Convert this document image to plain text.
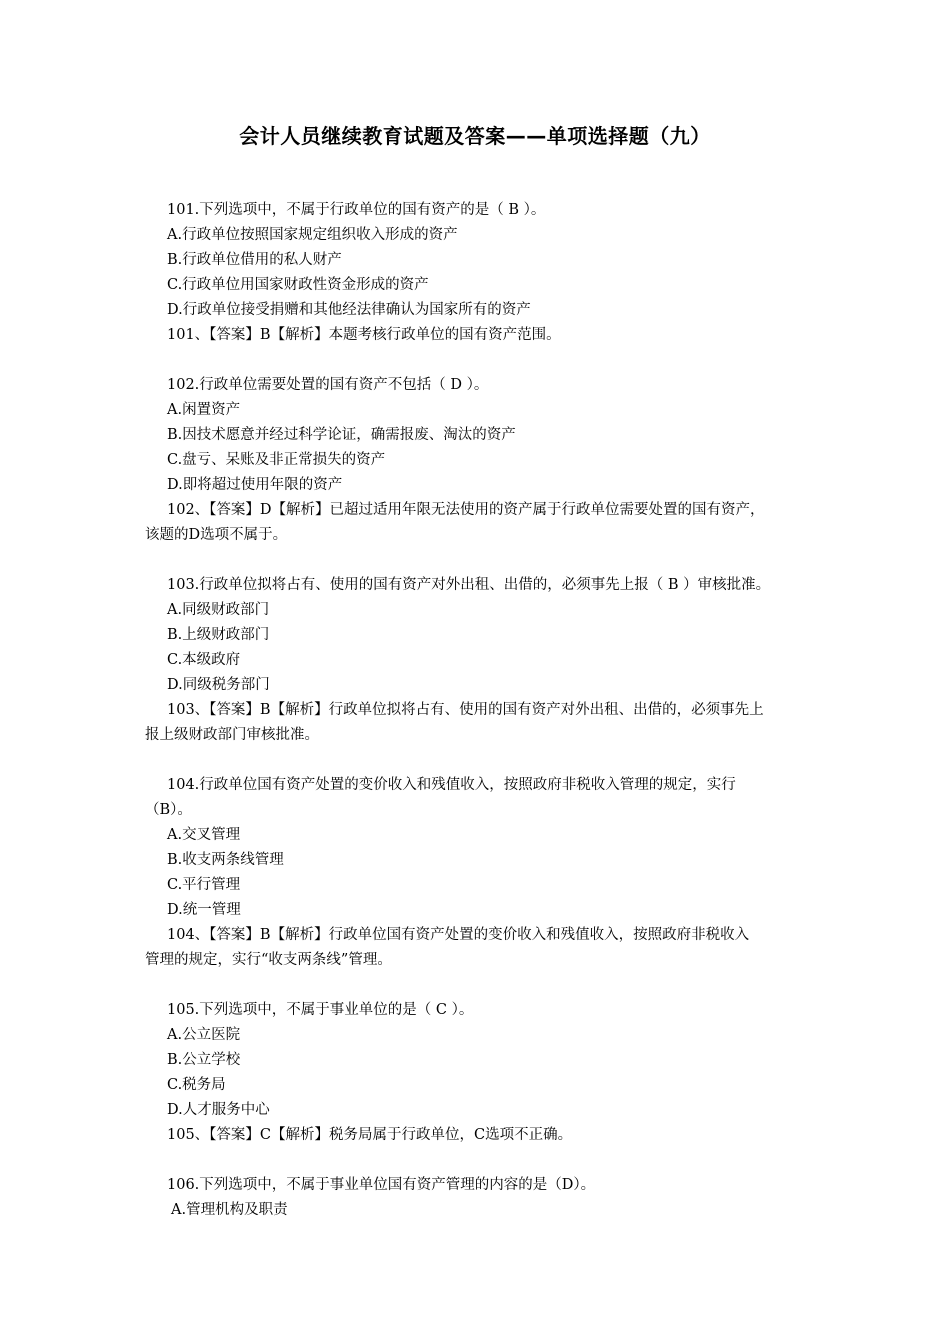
会计人员继续教育试题及答案——单项选择题（九）
101.下列选项中，不属于行政单位的国有资产的是（ B ）。
A.行政单位按照国家规定组织收入形成的资产
B.行政单位借用的私人财产
C.行政单位用国家财政性资金形成的资产
D.行政单位接受捐赠和其他经法律确认为国家所有的资产
101、【答案】B【解析】本题考核行政单位的国有资产范围。
102.行政单位需要处置的国有资产不包括（ D ）。
A.闲置资产
B.因技术愿意并经过科学论证，确需报废、淘汰的资产
C.盘亏、呆账及非正常损失的资产
D.即将超过使用年限的资产
102、【答案】D【解析】已超过适用年限无法使用的资产属于行政单位需要处置的国有资产，
该题的D选项不属于。
103.行政单位拟将占有、使用的国有资产对外出租、出借的，必须事先上报（ B ）审核批准。
A.同级财政部门
B.上级财政部门
C.本级政府
D.同级税务部门
103、【答案】B【解析】行政单位拟将占有、使用的国有资产对外出租、出借的，必须事先上
报上级财政部门审核批准。
104.行政单位国有资产处置的变价收入和残值收入，按照政府非税收入管理的规定，实行
（B）。
A.交叉管理
B.收支两条线管理
C.平行管理
D.统一管理
104、【答案】B【解析】行政单位国有资产处置的变价收入和残值收入，按照政府非税收入
管理的规定，实行“收支两条线”管理。
105.下列选项中，不属于事业单位的是（ C ）。
A.公立医院
B.公立学校
C.税务局
D.人才服务中心
105、【答案】C【解析】税务局属于行政单位，C选项不正确。
106.下列选项中，不属于事业单位国有资产管理的内容的是（D）。
A.管理机构及职责
